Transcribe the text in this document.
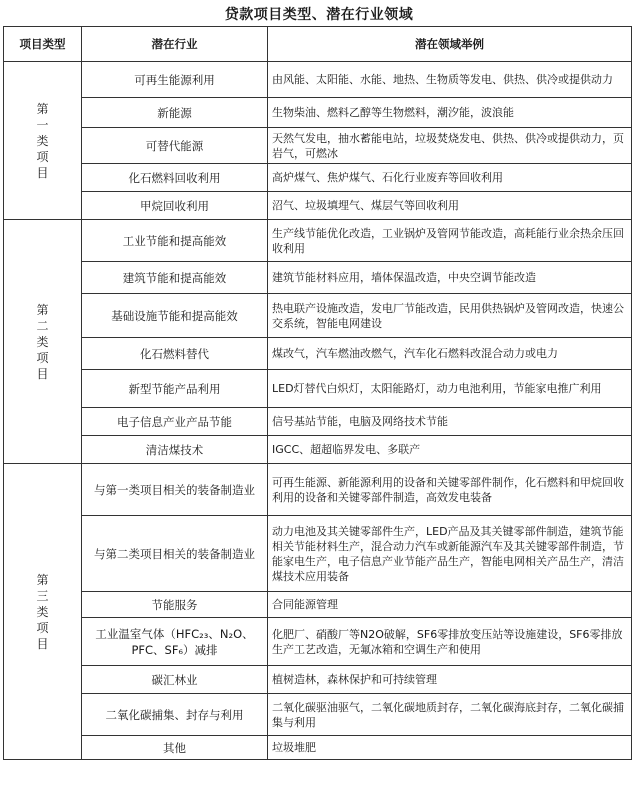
贷款项目类型、潜在行业领域
项目类型	潜在行业	潜在领域举例
第一类项目	可再生能源利用	由风能、太阳能、水能、地热、生物质等发电、供热、供冷或提供动力
	新能源	生物柴油、燃料乙醇等生物燃料，潮汐能，波浪能
	可替代能源	天然气发电，抽水蓄能电站，垃圾焚烧发电、供热、供冷或提供动力，页岩气，可燃冰
	化石燃料回收利用	高炉煤气、焦炉煤气、石化行业废弃等回收利用
	甲烷回收利用	沼气、垃圾填埋气、煤层气等回收利用
第二类项目	工业节能和提高能效	生产线节能优化改造，工业锅炉及管网节能改造，高耗能行业余热余压回收利用
	建筑节能和提高能效	建筑节能材料应用，墙体保温改造，中央空调节能改造
	基础设施节能和提高能效	热电联产设施改造，发电厂节能改造，民用供热锅炉及管网改造，快速公交系统，智能电网建设
	化石燃料替代	煤改气，汽车燃油改燃气，汽车化石燃料改混合动力或电力
	新型节能产品利用	LED灯替代白炽灯，太阳能路灯，动力电池利用，节能家电推广利用
	电子信息产业产品节能	信号基站节能，电脑及网络技术节能
	清洁煤技术	IGCC、超超临界发电、多联产
第三类项目	与第一类项目相关的装备制造业	可再生能源、新能源利用的设备和关键零部件制作，化石燃料和甲烷回收利用的设备和关键零部件制造，高效发电装备
	与第二类项目相关的装备制造业	动力电池及其关键零部件生产，LED产品及其关键零部件制造，建筑节能相关节能材料生产，混合动力汽车或新能源汽车及其关键零部件制造，节能家电生产，电子信息产业节能产品生产，智能电网相关产品生产，清洁煤技术应用装备
	节能服务	合同能源管理
	工业温室气体（HFC₂₃、N₂O、PFC、SF₆）减排	化肥厂、硝酸厂等N2O破解，SF6零排放变压站等设施建设，SF6零排放生产工艺改造，无氟冰箱和空调生产和使用
	碳汇林业	植树造林，森林保护和可持续管理
	二氧化碳捕集、封存与利用	二氧化碳驱油驱气，二氧化碳地质封存，二氧化碳海底封存，二氧化碳捕集与利用
	其他	垃圾堆肥
